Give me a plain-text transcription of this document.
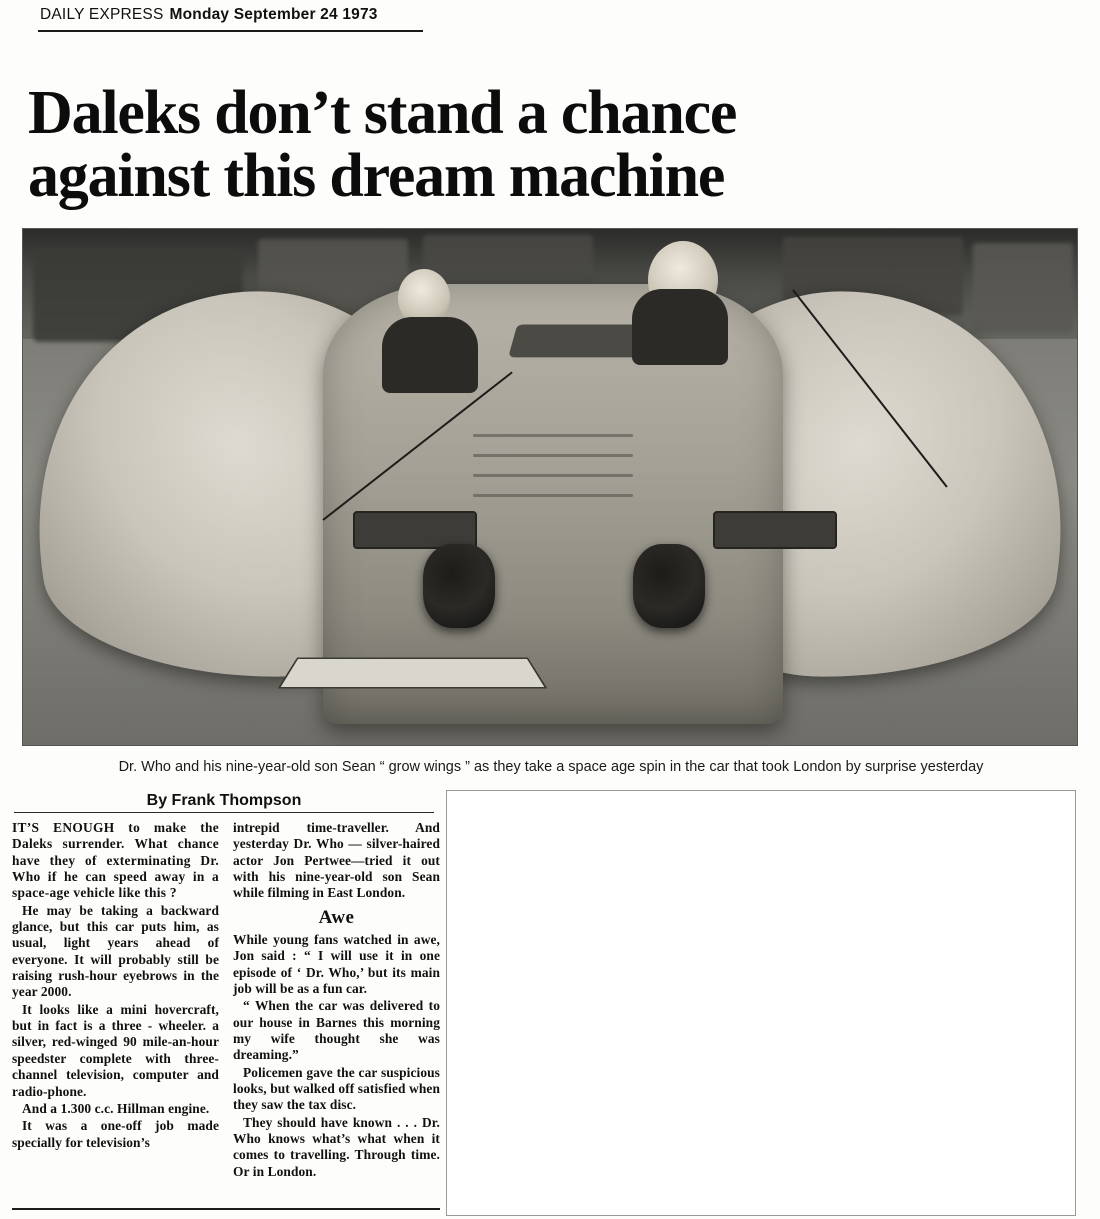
DAILY EXPRESS Monday September 24 1973
Daleks don’t stand a chance
against this dream machine
Dr. Who and his nine-year-old son Sean “ grow wings ” as they take a space age spin in the car that took London by surprise yesterday
By Frank Thompson

IT’S ENOUGH to make the Daleks surrender. What chance have they of exterminating Dr. Who if he can speed away in a space-age vehicle like this ?

He may be taking a backward glance, but this car puts him, as usual, light years ahead of everyone. It will probably still be raising rush-hour eyebrows in the year 2000.

It looks like a mini hovercraft, but in fact is a three - wheeler. a silver, red-winged 90 mile-an-hour speedster complete with three-channel television, computer and radio-phone.

And a 1.300 c.c. Hillman engine.

It was a one-off job made specially for television’s

intrepid time-traveller. And yesterday Dr. Who — silver-haired actor Jon Pertwee—tried it out with his nine-year-old son Sean while filming in East London.

Awe

While young fans watched in awe, Jon said : “ I will use it in one episode of ‘ Dr. Who,’ but its main job will be as a fun car.

“ When the car was delivered to our house in Barnes this morning my wife thought she was dreaming.”

Policemen gave the car suspicious looks, but walked off satisfied when they saw the tax disc.

They should have known . . . Dr. Who knows what’s what when it comes to travelling. Through time. Or in London.
